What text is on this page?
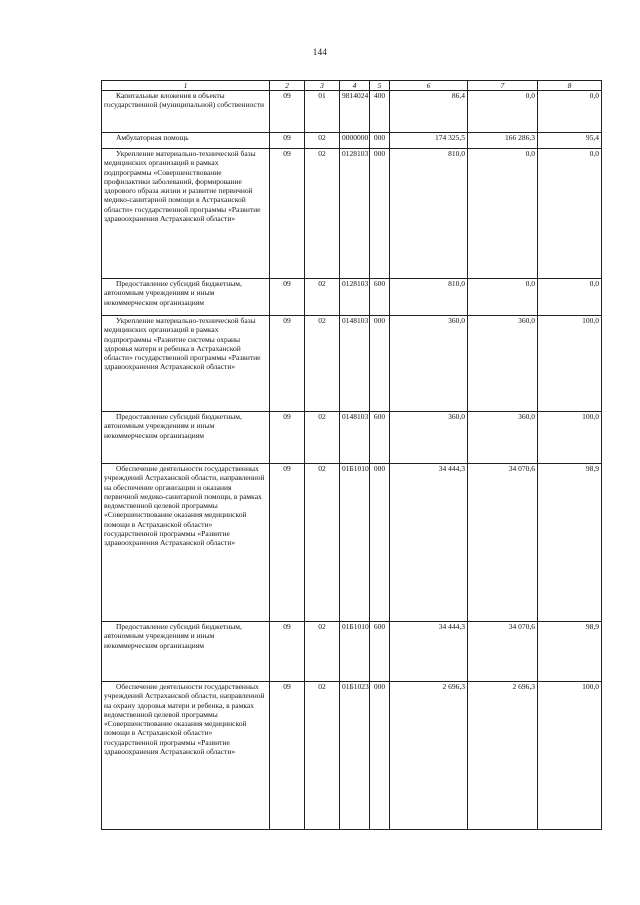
144
1	2	3	4	5	6	7	8

Капитальные вложения в объекты государственной (муниципальной) собственности	09	01	9814024	400	86,4	0,0	0,0

Амбулаторная помощь	09	02	0000000	000	174 325,5	166 286,3	95,4

Укрепление материально-технической базы медицинских организаций в рамках подпрограммы «Совершенствование профилактики заболеваний, формирование здорового образа жизни и развитие первичной медико-санитарной помощи в Астраханской области» государственной программы «Развитие здравоохранения Астраханской области»	09	02	0128103	000	810,0	0,0	0,0

Предоставление субсидий бюджетным, автономным учреждениям и иным некоммерческим организациям	09	02	0128103	600	810,0	0,0	0,0

Укрепление материально-технической базы медицинских организаций в рамках подпрограммы «Развитие системы охраны здоровья матери и ребенка в Астраханской области» государственной программы «Развитие здравоохранения Астраханской области»	09	02	0148103	000	360,0	360,0	100,0

Предоставление субсидий бюджетным, автономным учреждениям и иным некоммерческим организациям	09	02	0148103	600	360,0	360,0	100,0

Обеспечение деятельности государственных учреждений Астраханской области, направленной на обеспечение организации и оказания первичной медико-санитарной помощи, в рамках ведомственной целевой программы «Совершенствование оказания медицинской помощи в Астраханской области» государственной программы «Развитие здравоохранения Астраханской области»	09	02	01Б1010	000	34 444,3	34 070,6	98,9

Предоставление субсидий бюджетным, автономным учреждениям и иным некоммерческим организациям	09	02	01Б1010	600	34 444,3	34 070,6	98,9

Обеспечение деятельности государственных учреждений Астраханской области, направленной на охрану здоровья матери и ребенка, в рамках ведомственной целевой программы «Совершенствование оказания медицинской помощи в Астраханской области» государственной программы «Развитие здравоохранения Астраханской области»	09	02	01Б1023	000	2 696,3	2 696,3	100,0
